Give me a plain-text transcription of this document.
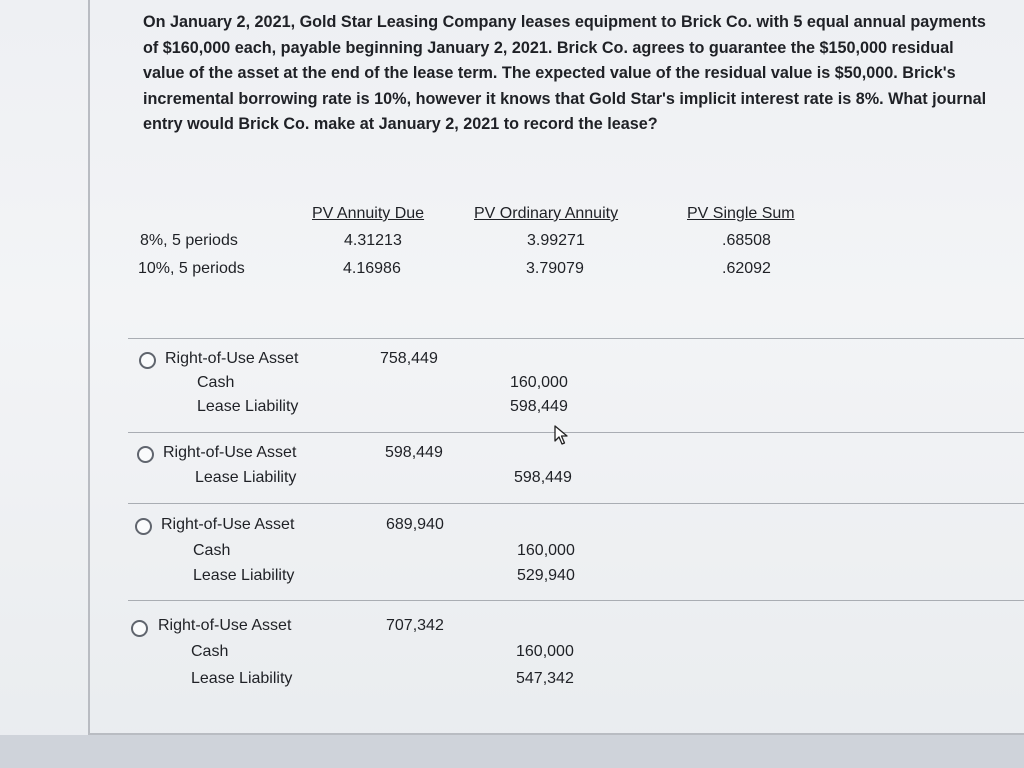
On January 2, 2021, Gold Star Leasing Company leases equipment to Brick Co. with 5 equal annual payments of $160,000 each, payable beginning January 2, 2021. Brick Co. agrees to guarantee the $150,000 residual value of the asset at the end of the lease term. The expected value of the residual value is $50,000. Brick's incremental borrowing rate is 10%, however it knows that Gold Star's implicit interest rate is 8%. What journal entry would Brick Co. make at January 2, 2021 to record the lease?
PV Annuity Due	PV Ordinary Annuity	PV Single Sum
8%, 5 periods	4.31213	3.99271	.68508
10%, 5 periods	4.16986	3.79079	.62092
Right-of-Use Asset	758,449
Cash	160,000
Lease Liability	598,449
Right-of-Use Asset	598,449
Lease Liability	598,449
Right-of-Use Asset	689,940
Cash	160,000
Lease Liability	529,940
Right-of-Use Asset	707,342
Cash	160,000
Lease Liability	547,342
